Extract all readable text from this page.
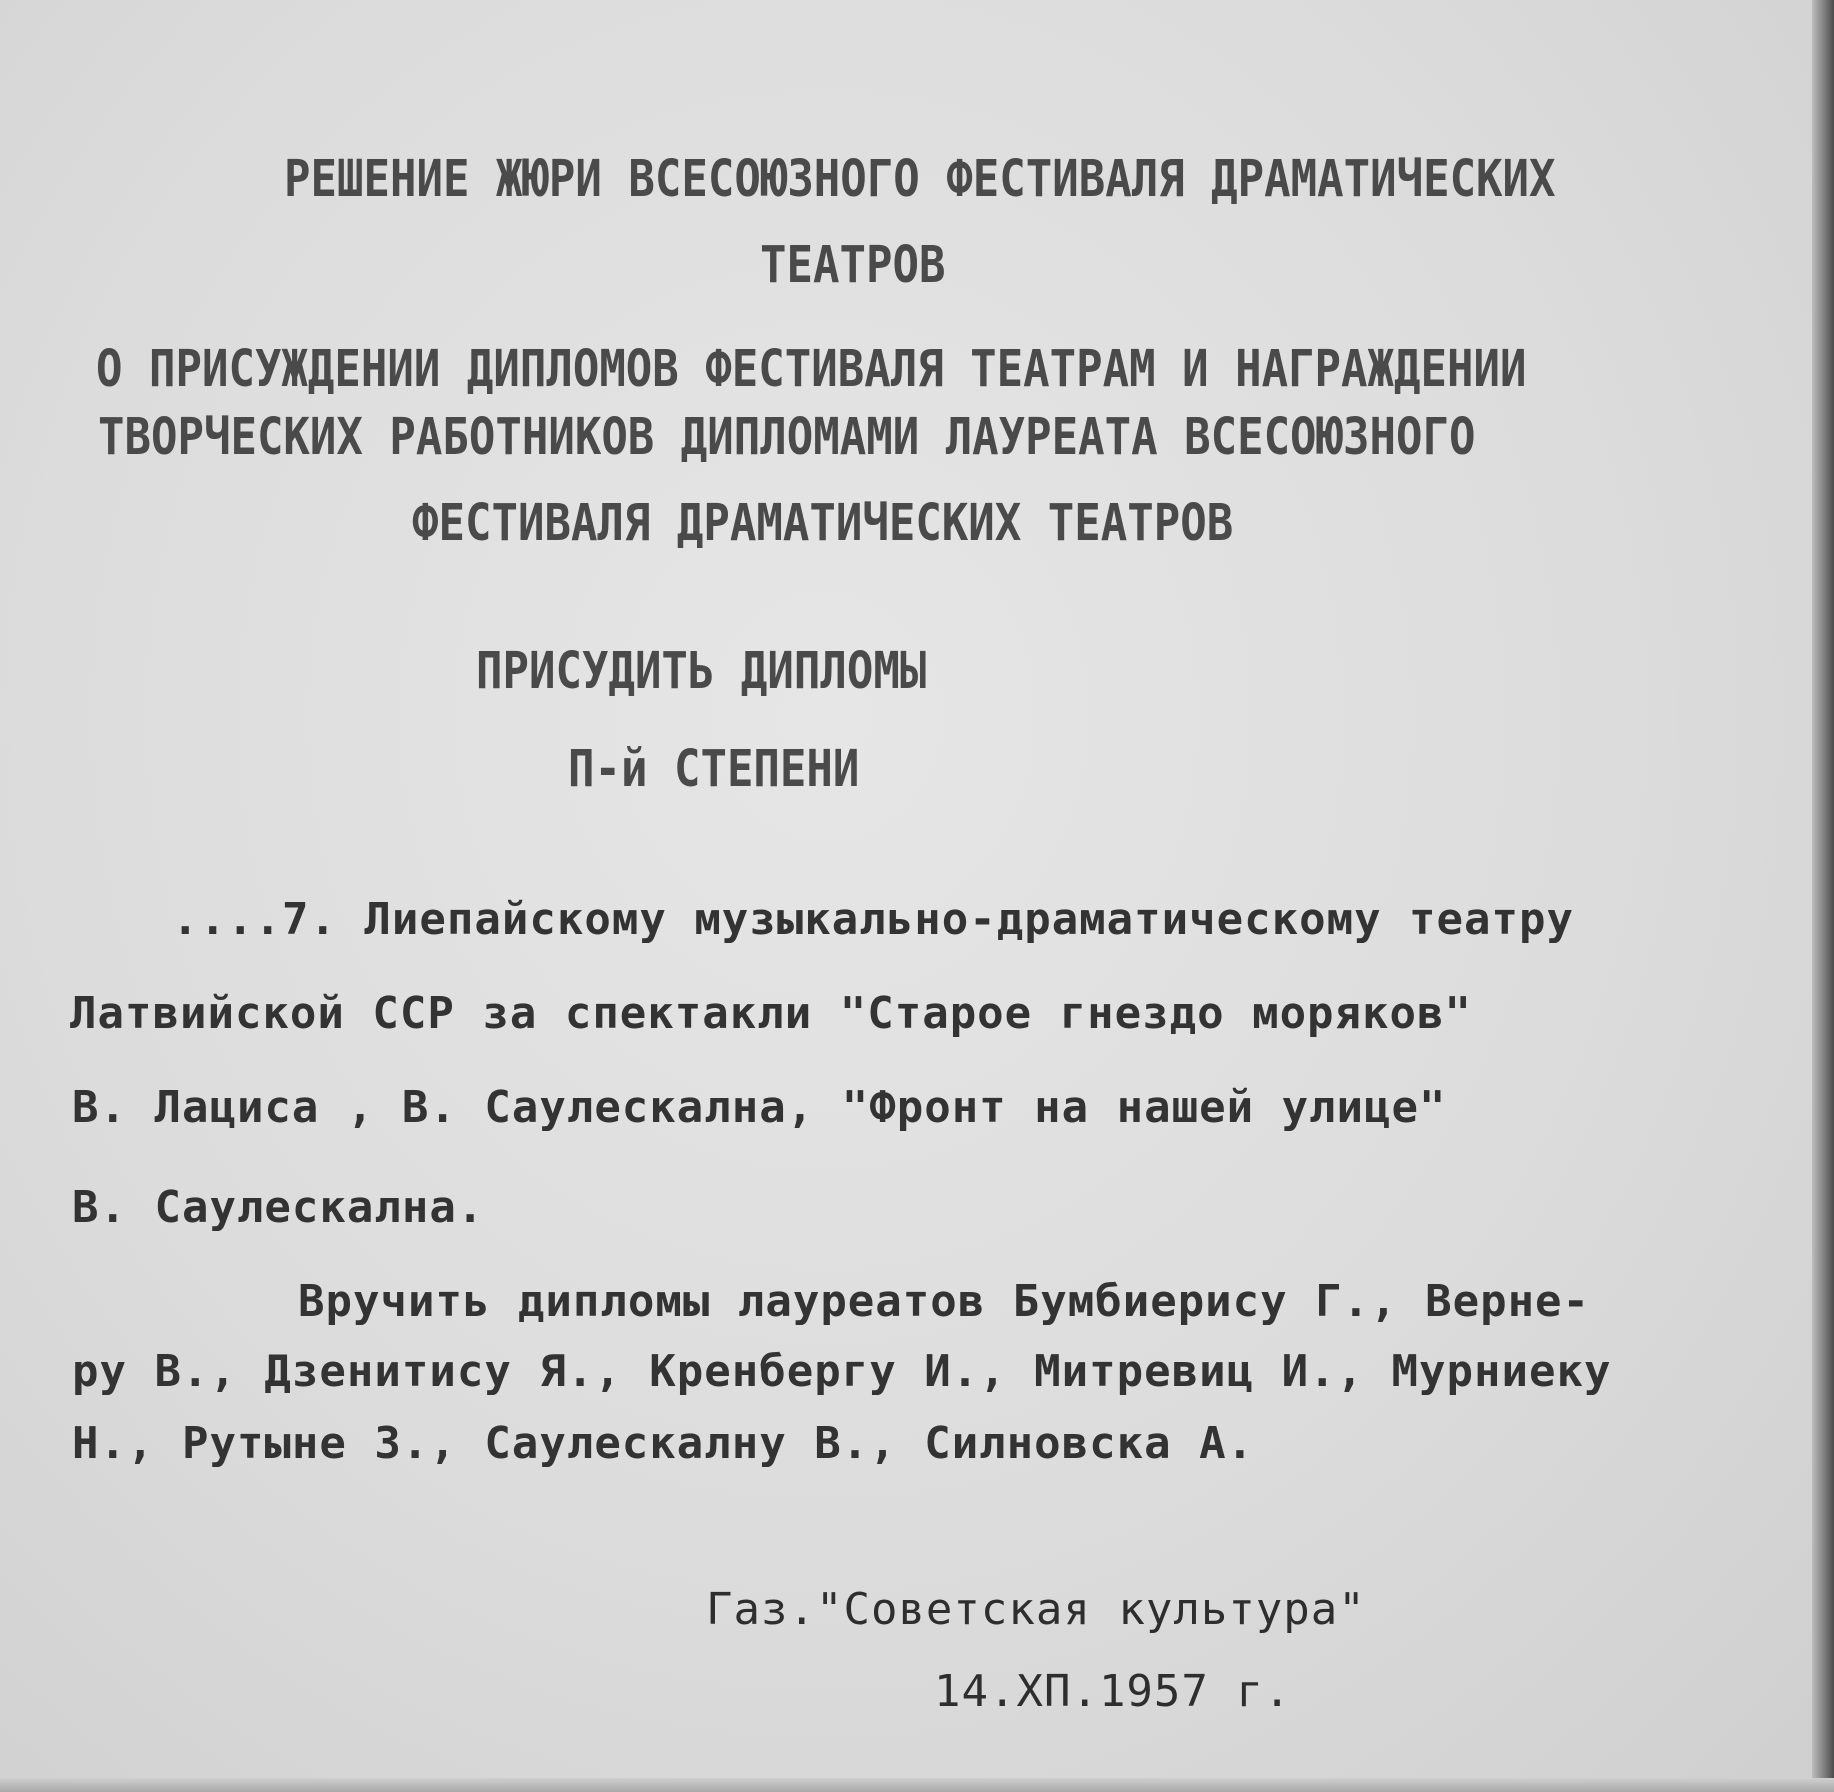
РЕШЕНИЕ ЖЮРИ ВСЕСОЮЗНОГО ФЕСТИВАЛЯ ДРАМАТИЧЕСКИХ
ТЕАТРОВ
О ПРИСУЖДЕНИИ ДИПЛОМОВ ФЕСТИВАЛЯ ТЕАТРАМ И НАГРАЖДЕНИИ
ТВОРЧЕСКИХ РАБОТНИКОВ ДИПЛОМАМИ ЛАУРЕАТА ВСЕСОЮЗНОГО
ФЕСТИВАЛЯ ДРАМАТИЧЕСКИХ ТЕАТРОВ
ПРИСУДИТЬ ДИПЛОМЫ
П-й СТЕПЕНИ
....7. Лиепайскому музыкально-драматическому театру
Латвийской ССР за спектакли "Старое гнездо моряков"
В. Лациса , В. Саулескална, "Фронт на нашей улице"
В. Саулескална.
Вручить дипломы лауреатов Бумбиерису Г., Верне-
ру В., Дзенитису Я., Кренбергу И., Митревиц И., Мурниеку
Н., Рутыне З., Саулескалну В., Силновска А.
Газ."Советская культура"
14.XП.1957 г.
